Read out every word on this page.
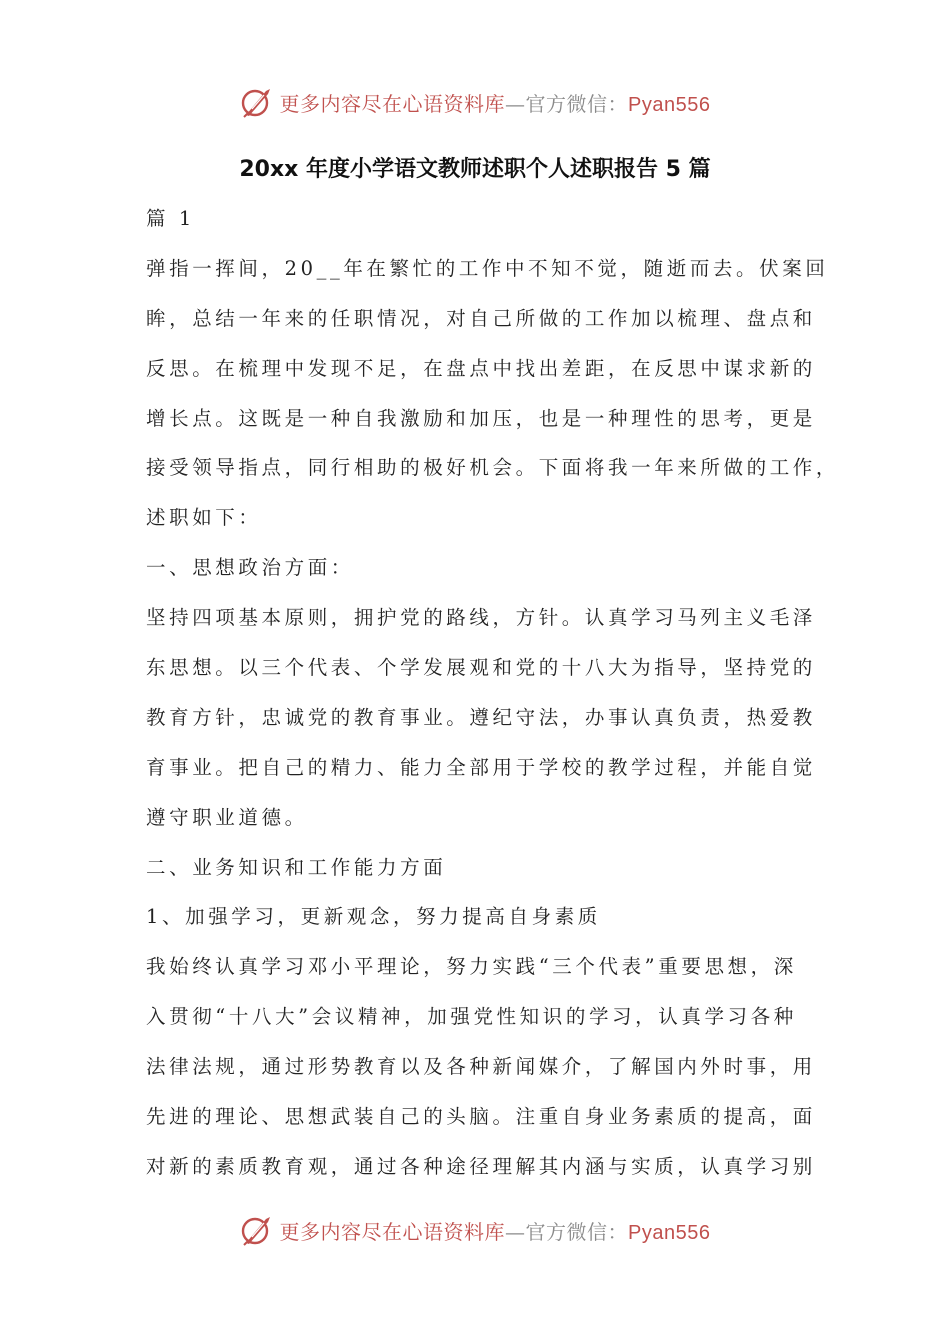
更多内容尽在心语资料库—官方微信：Pyan556
20xx 年度小学语文教师述职个人述职报告 5 篇
篇 1
弹指一挥间，20__年在繁忙的工作中不知不觉，随逝而去。伏案回
眸，总结一年来的任职情况，对自己所做的工作加以梳理、盘点和
反思。在梳理中发现不足，在盘点中找出差距，在反思中谋求新的
增长点。这既是一种自我激励和加压，也是一种理性的思考，更是
接受领导指点，同行相助的极好机会。下面将我一年来所做的工作，
述职如下：
一、思想政治方面：
坚持四项基本原则，拥护党的路线，方针。认真学习马列主义毛泽
东思想。以三个代表、个学发展观和党的十八大为指导，坚持党的
教育方针，忠诚党的教育事业。遵纪守法，办事认真负责，热爱教
育事业。把自己的精力、能力全部用于学校的教学过程，并能自觉
遵守职业道德。
二、业务知识和工作能力方面
1、加强学习，更新观念，努力提高自身素质
我始终认真学习邓小平理论，努力实践“三个代表”重要思想，深
入贯彻“十八大”会议精神，加强党性知识的学习，认真学习各种
法律法规，通过形势教育以及各种新闻媒介，了解国内外时事，用
先进的理论、思想武装自己的头脑。注重自身业务素质的提高，面
对新的素质教育观，通过各种途径理解其内涵与实质，认真学习别
更多内容尽在心语资料库—官方微信：Pyan556
